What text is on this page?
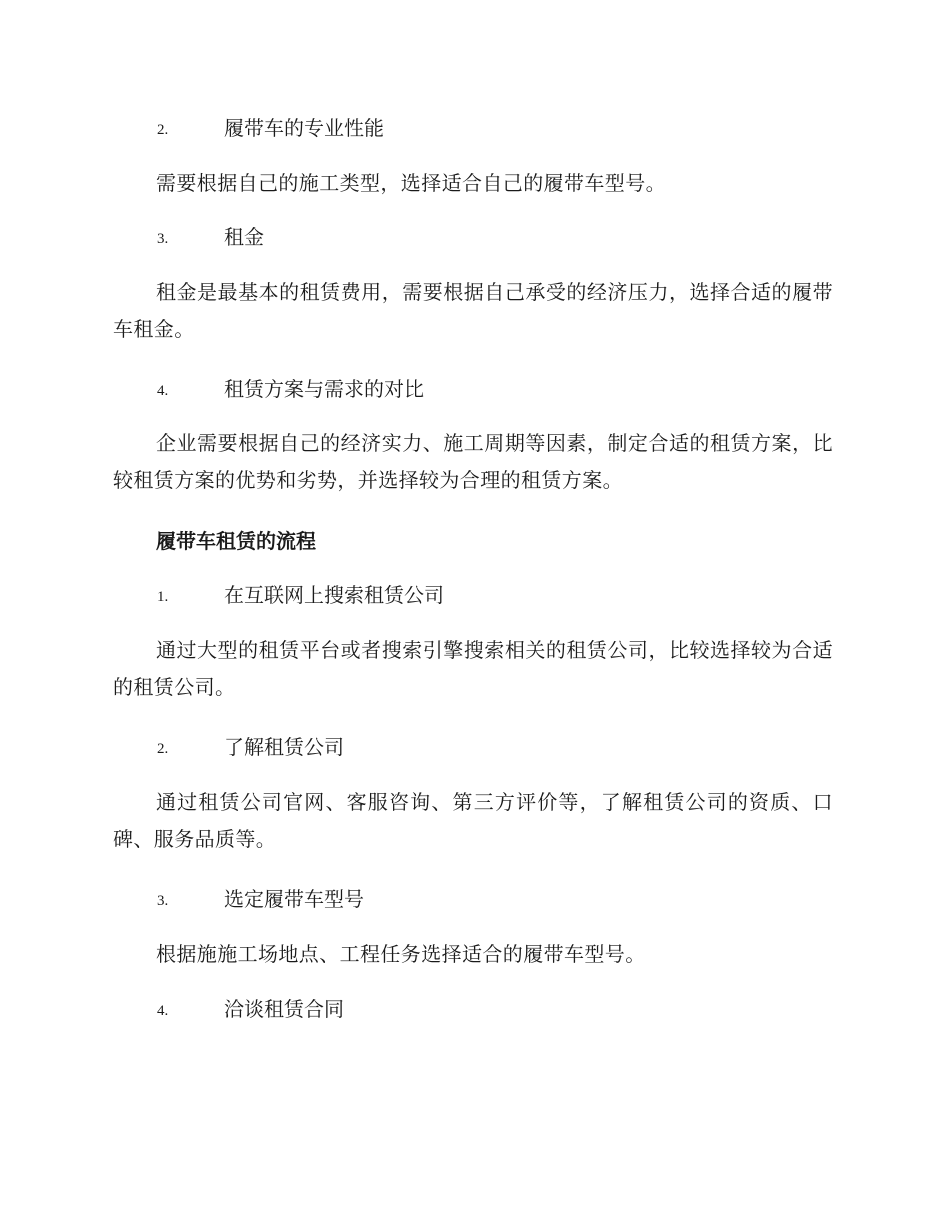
2.	履带车的专业性能
需要根据自己的施工类型，选择适合自己的履带车型号。
3.	租金
租金是最基本的租赁费用，需要根据自己承受的经济压力，选择合适的履带车租金。
4.	租赁方案与需求的对比
企业需要根据自己的经济实力、施工周期等因素，制定合适的租赁方案，比较租赁方案的优势和劣势，并选择较为合理的租赁方案。
履带车租赁的流程
1.	在互联网上搜索租赁公司
通过大型的租赁平台或者搜索引擎搜索相关的租赁公司，比较选择较为合适的租赁公司。
2.	了解租赁公司
通过租赁公司官网、客服咨询、第三方评价等，了解租赁公司的资质、口碑、服务品质等。
3.	选定履带车型号
根据施施工场地点、工程任务选择适合的履带车型号。
4.	洽谈租赁合同
